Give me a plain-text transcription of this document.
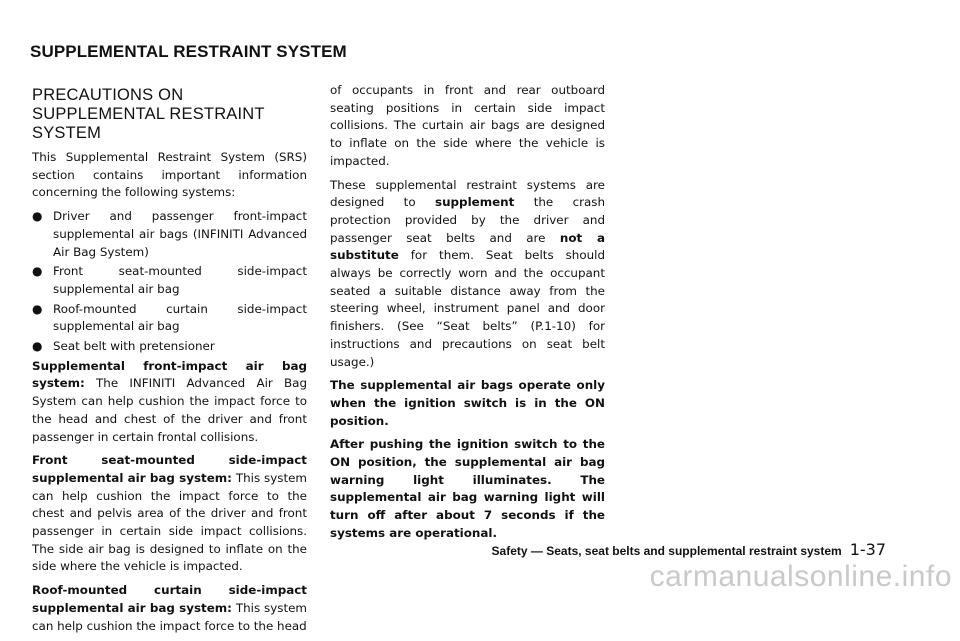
SUPPLEMENTAL RESTRAINT SYSTEM
PRECAUTIONS ON SUPPLEMENTAL RESTRAINT SYSTEM

This Supplemental Restraint System (SRS) section contains important information concerning the following systems:

● Driver and passenger front-impact supplemental air bags (INFINITI Advanced Air Bag System)
● Front seat-mounted side-impact supplemental air bag
● Roof-mounted curtain side-impact supplemental air bag
● Seat belt with pretensioner

Supplemental front-impact air bag system: The INFINITI Advanced Air Bag System can help cushion the impact force to the head and chest of the driver and front passenger in certain frontal collisions.

Front seat-mounted side-impact supplemental air bag system: This system can help cushion the impact force to the chest and pelvis area of the driver and front passenger in certain side impact collisions. The side air bag is designed to inflate on the side where the vehicle is impacted.

Roof-mounted curtain side-impact supplemental air bag system: This system can help cushion the impact force to the head

of occupants in front and rear outboard seating positions in certain side impact collisions. The curtain air bags are designed to inflate on the side where the vehicle is impacted.

These supplemental restraint systems are designed to supplement the crash protection provided by the driver and passenger seat belts and are not a substitute for them. Seat belts should always be correctly worn and the occupant seated a suitable distance away from the steering wheel, instrument panel and door finishers. (See “Seat belts” (P.1-10) for instructions and precautions on seat belt usage.)

The supplemental air bags operate only when the ignition switch is in the ON position.

After pushing the ignition switch to the ON position, the supplemental air bag warning light illuminates. The supplemental air bag warning light will turn off after about 7 seconds if the systems are operational.

Safety — Seats, seat belts and supplemental restraint system 1-37
carmanualsonline.info
